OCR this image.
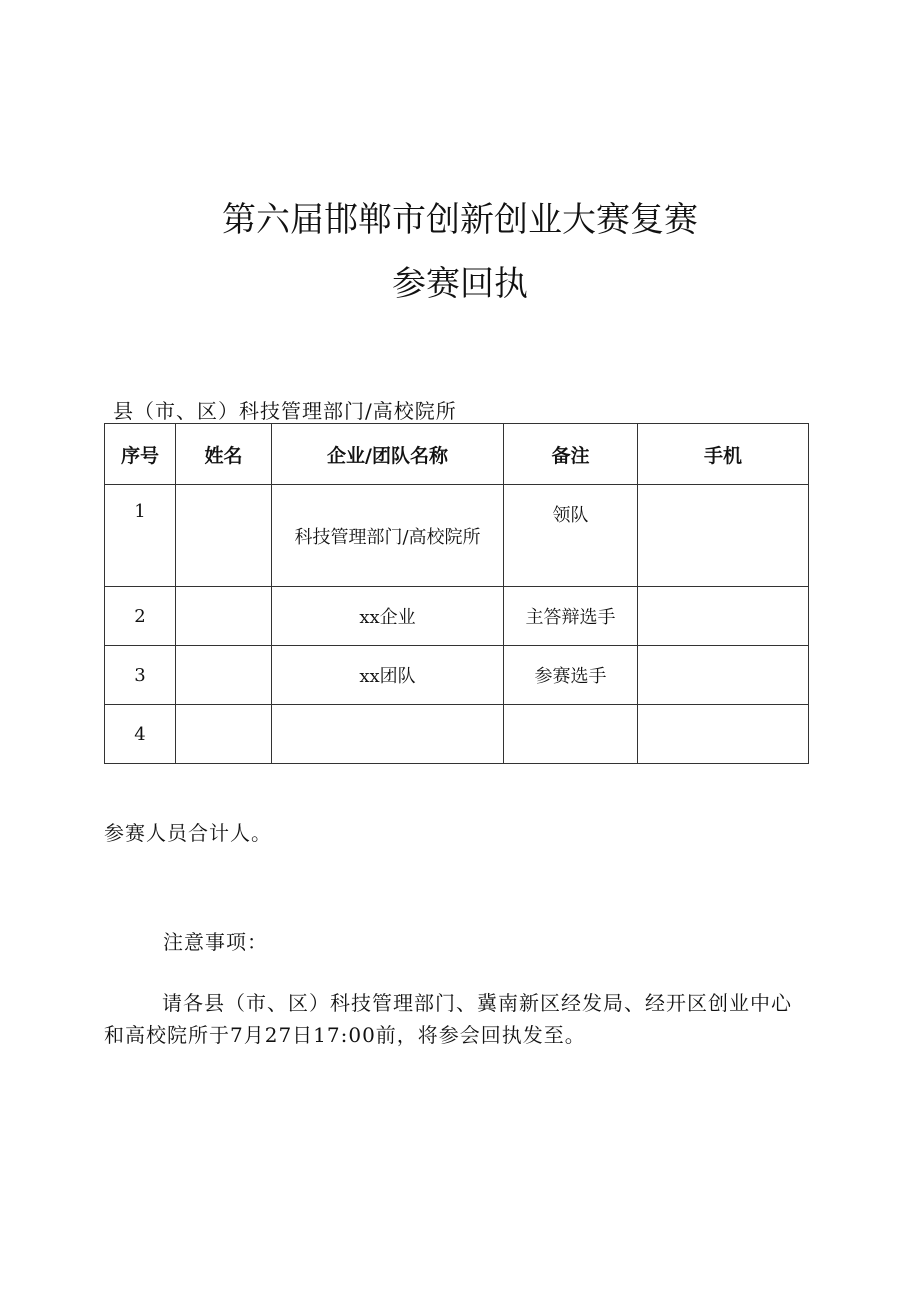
第六届邯郸市创新创业大赛复赛
参赛回执
县（市、区）科技管理部门/高校院所
序号	姓名	企业/团队名称	备注	手机

1		科技管理部门/高校院所	领队	

2		xx企业	主答辩选手	
3		xx团队	参赛选手	
4				
参赛人员合计人。
注意事项：
请各县（市、区）科技管理部门、冀南新区经发局、经开区创业中心和高校院所于7月27日17:00前，将参会回执发至。
